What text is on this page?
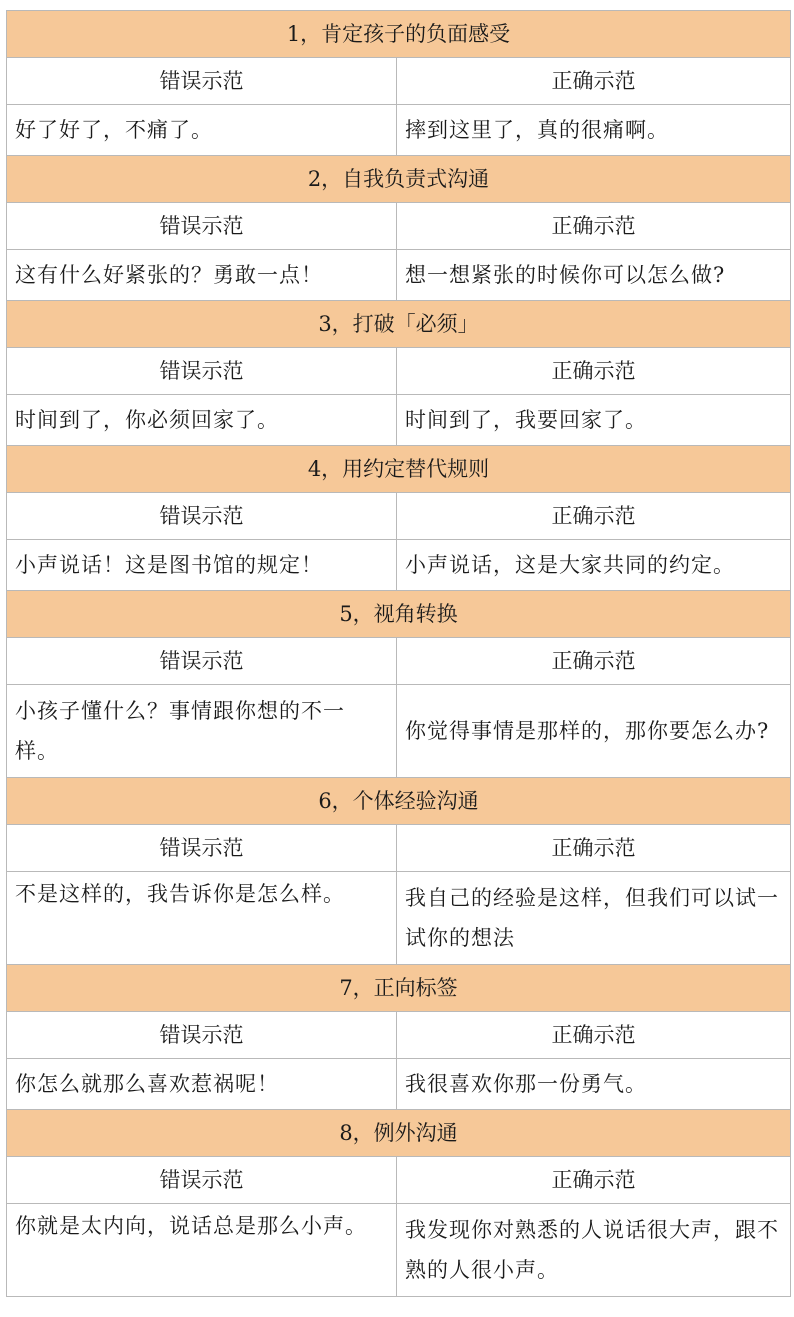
1，肯定孩子的负面感受	
错误示范	正确示范
好了好了，不痛了。	摔到这里了，真的很痛啊。
2，自我负责式沟通	
错误示范	正确示范
这有什么好紧张的？勇敢一点！	想一想紧张的时候你可以怎么做?
3，打破「必须」	
错误示范	正确示范
时间到了，你必须回家了。	时间到了，我要回家了。
4，用约定替代规则	
错误示范	正确示范
小声说话！这是图书馆的规定！	小声说话，这是大家共同的约定。
5，视角转换	
错误示范	正确示范
小孩子懂什么？事情跟你想的不一样。	你觉得事情是那样的，那你要怎么办?
6，个体经验沟通	
错误示范	正确示范
不是这样的，我告诉你是怎么样。	我自己的经验是这样，但我们可以试一试你的想法
7，正向标签	
错误示范	正确示范
你怎么就那么喜欢惹祸呢！	我很喜欢你那一份勇气。
8，例外沟通	
错误示范	正确示范
你就是太内向，说话总是那么小声。	我发现你对熟悉的人说话很大声，跟不熟的人很小声。
